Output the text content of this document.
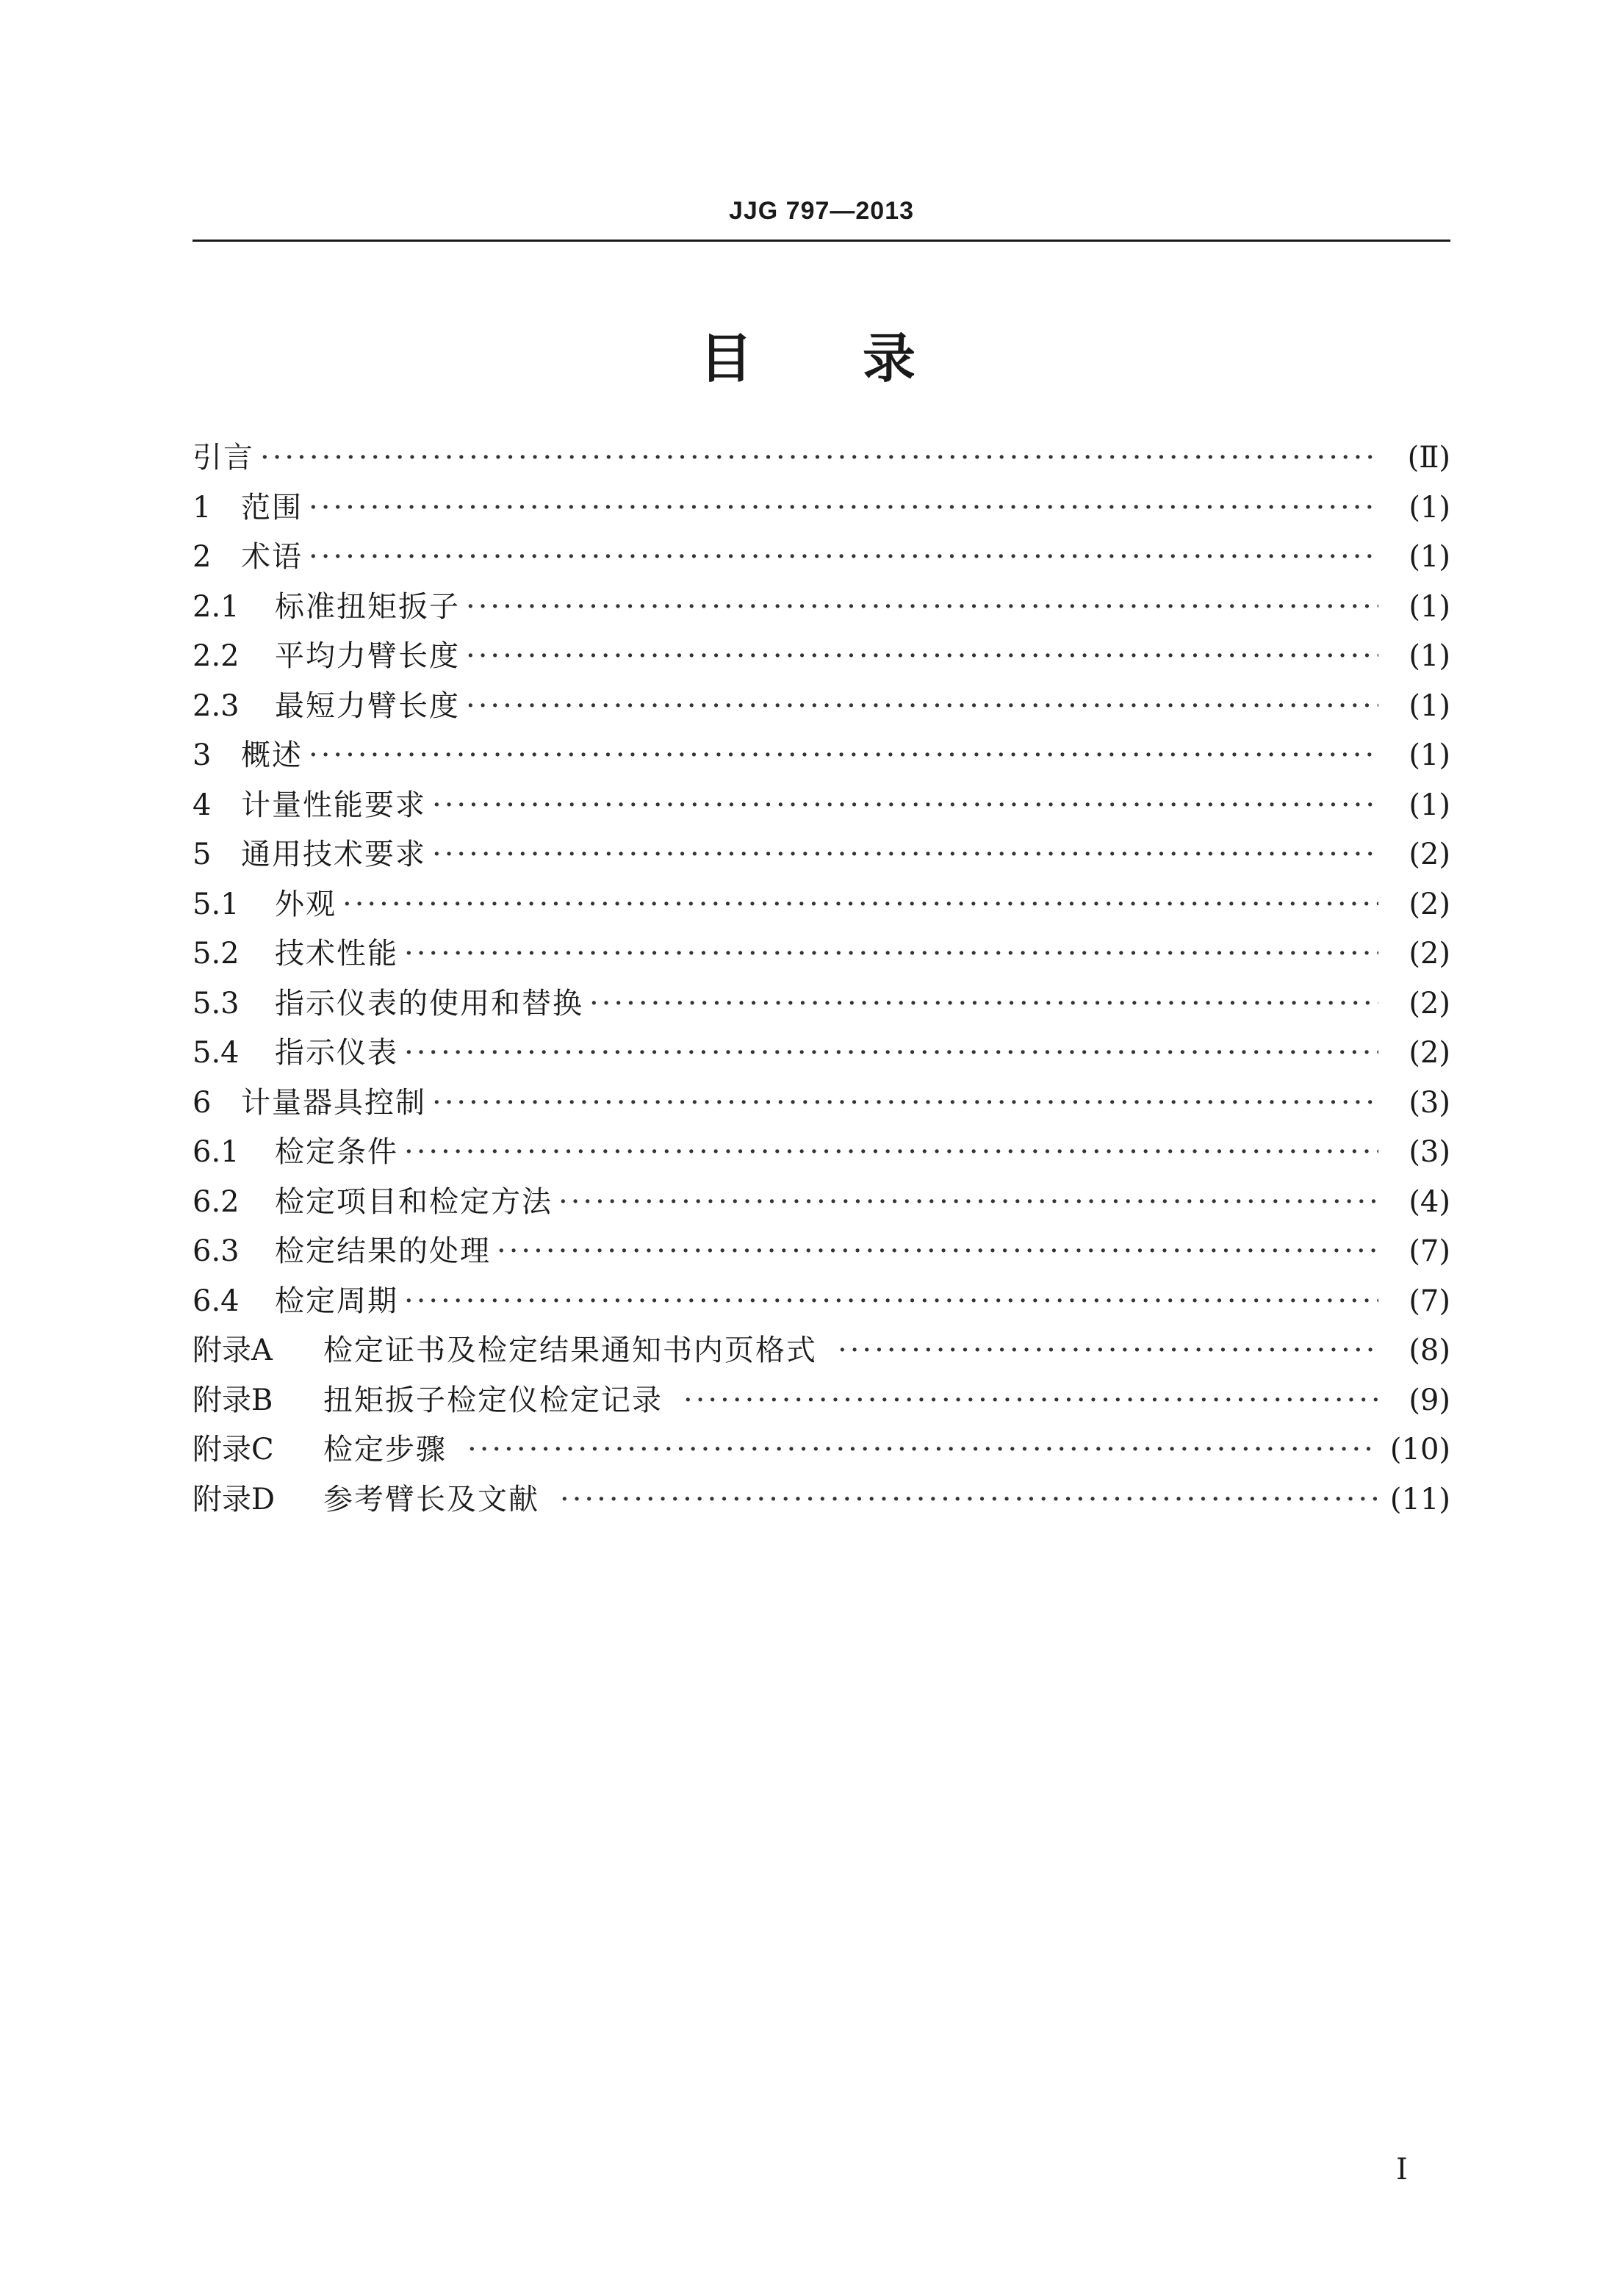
JJG 797—2013
目录
引言 ·····	(Ⅱ)
1	范围 ·····	(1)
2	术语 ·····	(1)
2.1	标准扭矩扳子 ·····	(1)
2.2	平均力臂长度 ·····	(1)
2.3	最短力臂长度 ·····	(1)
3	概述 ·····	(1)
4	计量性能要求 ·····	(1)
5	通用技术要求 ·····	(2)
5.1	外观 ·····	(2)
5.2	技术性能 ·····	(2)
5.3	指示仪表的使用和替换 ·····	(2)
5.4	指示仪表 ·····	(2)
6	计量器具控制 ·····	(3)
6.1	检定条件 ·····	(3)
6.2	检定项目和检定方法 ·····	(4)
6.3	检定结果的处理 ·····	(7)
6.4	检定周期 ·····	(7)
附录A	检定证书及检定结果通知书内页格式 ·····	(8)
附录B	扭矩扳子检定仪检定记录 ·····	(9)
附录C	检定步骤 ·····	(10)
附录D	参考臂长及文献 ·····	(11)
I
